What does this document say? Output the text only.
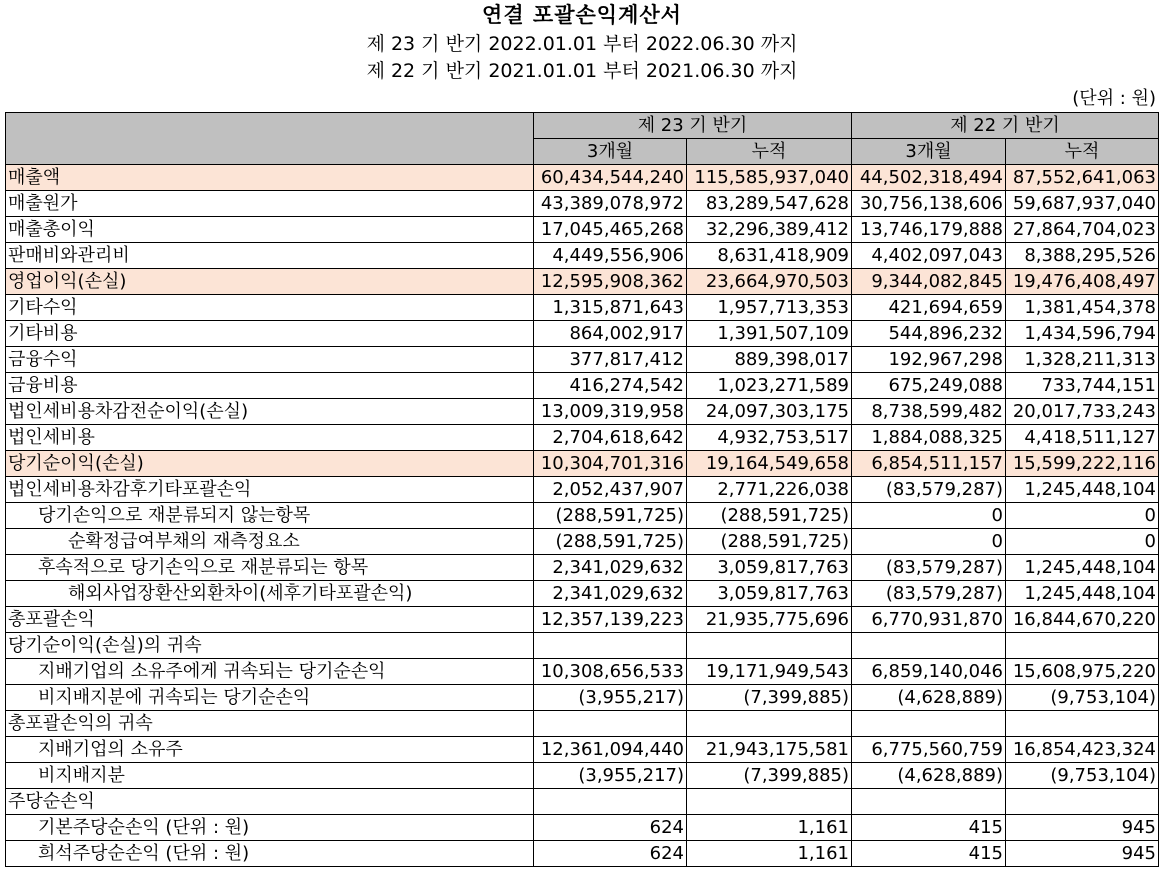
연결 포괄손익계산서
제 23 기 반기 2022.01.01 부터 2022.06.30 까지
제 22 기 반기 2021.01.01 부터 2021.06.30 까지
(단위 : 원)
	제 23 기 반기		제 22 기 반기	
	3개월	누적	3개월	누적
매출액	60,434,544,240	115,585,937,040	44,502,318,494	87,552,641,063
매출원가	43,389,078,972	83,289,547,628	30,756,138,606	59,687,937,040
매출총이익	17,045,465,268	32,296,389,412	13,746,179,888	27,864,704,023
판매비와관리비	4,449,556,906	8,631,418,909	4,402,097,043	8,388,295,526
영업이익(손실)	12,595,908,362	23,664,970,503	9,344,082,845	19,476,408,497
기타수익	1,315,871,643	1,957,713,353	421,694,659	1,381,454,378
기타비용	864,002,917	1,391,507,109	544,896,232	1,434,596,794
금융수익	377,817,412	889,398,017	192,967,298	1,328,211,313
금융비용	416,274,542	1,023,271,589	675,249,088	733,744,151
법인세비용차감전순이익(손실)	13,009,319,958	24,097,303,175	8,738,599,482	20,017,733,243
법인세비용	2,704,618,642	4,932,753,517	1,884,088,325	4,418,511,127
당기순이익(손실)	10,304,701,316	19,164,549,658	6,854,511,157	15,599,222,116
법인세비용차감후기타포괄손익	2,052,437,907	2,771,226,038	(83,579,287)	1,245,448,104
당기손익으로 재분류되지 않는항목	(288,591,725)	(288,591,725)	0	0
순확정급여부채의 재측정요소	(288,591,725)	(288,591,725)	0	0
후속적으로 당기손익으로 재분류되는 항목	2,341,029,632	3,059,817,763	(83,579,287)	1,245,448,104
해외사업장환산외환차이(세후기타포괄손익)	2,341,029,632	3,059,817,763	(83,579,287)	1,245,448,104
총포괄손익	12,357,139,223	21,935,775,696	6,770,931,870	16,844,670,220
당기순이익(손실)의 귀속				
지배기업의 소유주에게 귀속되는 당기순손익	10,308,656,533	19,171,949,543	6,859,140,046	15,608,975,220
비지배지분에 귀속되는 당기순손익	(3,955,217)	(7,399,885)	(4,628,889)	(9,753,104)
총포괄손익의 귀속				
지배기업의 소유주	12,361,094,440	21,943,175,581	6,775,560,759	16,854,423,324
비지배지분	(3,955,217)	(7,399,885)	(4,628,889)	(9,753,104)
주당순손익				
기본주당순손익 (단위 : 원)	624	1,161	415	945
희석주당순손익 (단위 : 원)	624	1,161	415	945
